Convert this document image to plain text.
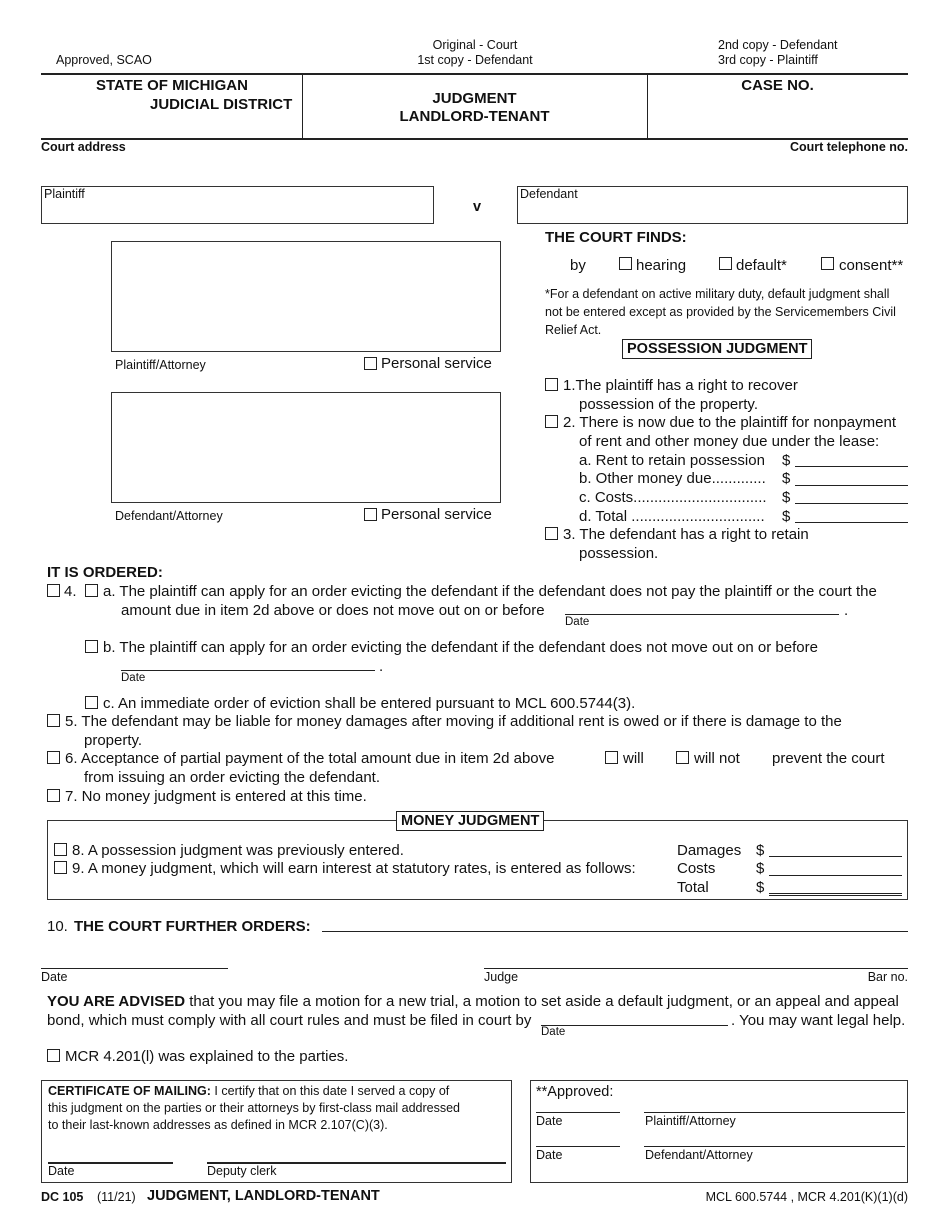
Approved, SCAO
Original - Court
1st copy - Defendant
2nd copy - Defendant
3rd copy - Plaintiff
STATE OF MICHIGAN
JUDICIAL DISTRICT	JUDGMENT
LANDLORD-TENANT
CASE NO.
Court address	Court telephone no.
Plaintiff
v
Defendant
Plaintiff/Attorney	Personal service
Defendant/Attorney	Personal service
THE COURT FINDS:
by	hearing	default*	consent**
*For a defendant on active military duty, default judgment shall
not be entered except as provided by the Servicemembers Civil
Relief Act.
POSSESSION JUDGMENT
1.The plaintiff has a right to recover
possession of the property.
2. There is now due to the plaintiff for nonpayment
of rent and other money due under the lease:
a. Rent to retain possession $
b. Other money due............. $
c. Costs................................ $
d. Total ................................ $
3. The defendant has a right to retain
possession.
IT IS ORDERED:
4. a. The plaintiff can apply for an order evicting the defendant if the defendant does not pay the plaintiff or the court the
amount due in item 2d above or does not move out on or before	.
Date
b. The plaintiff can apply for an order evicting the defendant if the defendant does not move out on or before
.
Date
c. An immediate order of eviction shall be entered pursuant to MCL 600.5744(3).
5. The defendant may be liable for money damages after moving if additional rent is owed or if there is damage to the
property.
6. Acceptance of partial payment of the total amount due in item 2d above	will	will not prevent the court
from issuing an order evicting the defendant.
7. No money judgment is entered at this time.
MONEY JUDGMENT
8. A possession judgment was previously entered.
9. A money judgment, which will earn interest at statutory rates, is entered as follows:
Damages $
Costs	$
Total	$
10. THE COURT FURTHER ORDERS:
Date	Judge	Bar no.
YOU ARE ADVISED that you may file a motion for a new trial, a motion to set aside a default judgment, or an appeal and appeal
bond, which must comply with all court rules and must be filed in court by
Date
. You may want legal help.
MCR 4.201(l) was explained to the parties.
CERTIFICATE OF MAILING: I certify that on this date I served a copy of
this judgment on the parties or their attorneys by first-class mail addressed
to their last-known addresses as defined in MCR 2.107(C)(3).
Date	Deputy clerk
**Approved:
Date	Plaintiff/Attorney
Date	Defendant/Attorney
DC 105 (11/21) JUDGMENT, LANDLORD-TENANT	MCL 600.5744 , MCR 4.201(K)(1)(d)
